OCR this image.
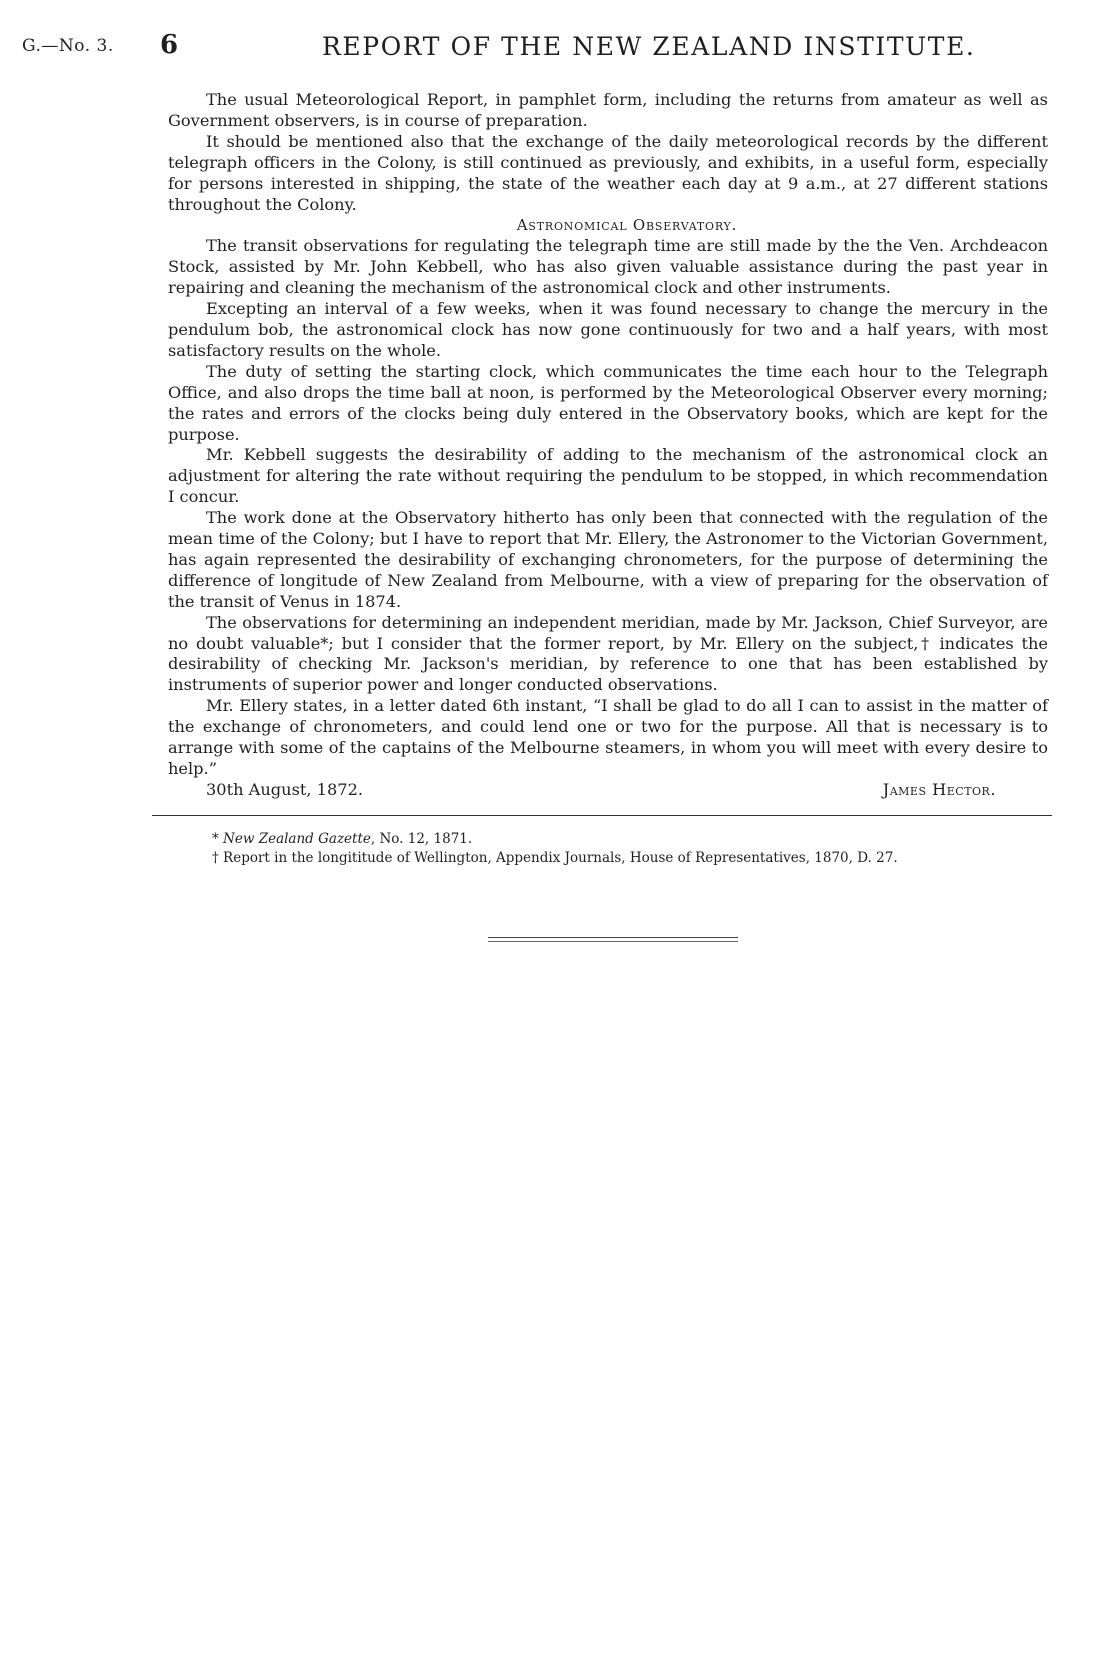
G.—No. 3. 6	REPORT OF THE NEW ZEALAND INSTITUTE.

The usual Meteorological Report, in pamphlet form, including the returns from amateur as well as Government observers, is in course of preparation.

It should be mentioned also that the exchange of the daily meteorological records by the different telegraph officers in the Colony, is still continued as previously, and exhibits, in a useful form, especially for persons interested in shipping, the state of the weather each day at 9 a.m., at 27 different stations throughout the Colony.

Astronomical Observatory.

The transit observations for regulating the telegraph time are still made by the the Ven. Archdeacon Stock, assisted by Mr. John Kebbell, who has also given valuable assistance during the past year in repairing and cleaning the mechanism of the astronomical clock and other instruments.

Excepting an interval of a few weeks, when it was found necessary to change the mercury in the pendulum bob, the astronomical clock has now gone continuously for two and a half years, with most satisfactory results on the whole.

The duty of setting the starting clock, which communicates the time each hour to the Telegraph Office, and also drops the time ball at noon, is performed by the Meteorological Observer every morning; the rates and errors of the clocks being duly entered in the Observatory books, which are kept for the purpose.

Mr. Kebbell suggests the desirability of adding to the mechanism of the astronomical clock an adjustment for altering the rate without requiring the pendulum to be stopped, in which recommendation I concur.

The work done at the Observatory hitherto has only been that connected with the regulation of the mean time of the Colony; but I have to report that Mr. Ellery, the Astronomer to the Victorian Government, has again represented the desirability of exchanging chronometers, for the purpose of determining the difference of longitude of New Zealand from Melbourne, with a view of preparing for the observation of the transit of Venus in 1874.

The observations for determining an independent meridian, made by Mr. Jackson, Chief Surveyor, are no doubt valuable*; but I consider that the former report, by Mr. Ellery on the subject,† indicates the desirability of checking Mr. Jackson's meridian, by reference to one that has been established by instruments of superior power and longer conducted observations.

Mr. Ellery states, in a letter dated 6th instant, “I shall be glad to do all I can to assist in the matter of the exchange of chronometers, and could lend one or two for the purpose. All that is necessary is to arrange with some of the captains of the Melbourne steamers, in whom you will meet with every desire to help.”

30th August, 1872.	James Hector.
* New Zealand Gazette, No. 12, 1871.
† Report in the longititude of Wellington, Appendix Journals, House of Representatives, 1870, D. 27.
